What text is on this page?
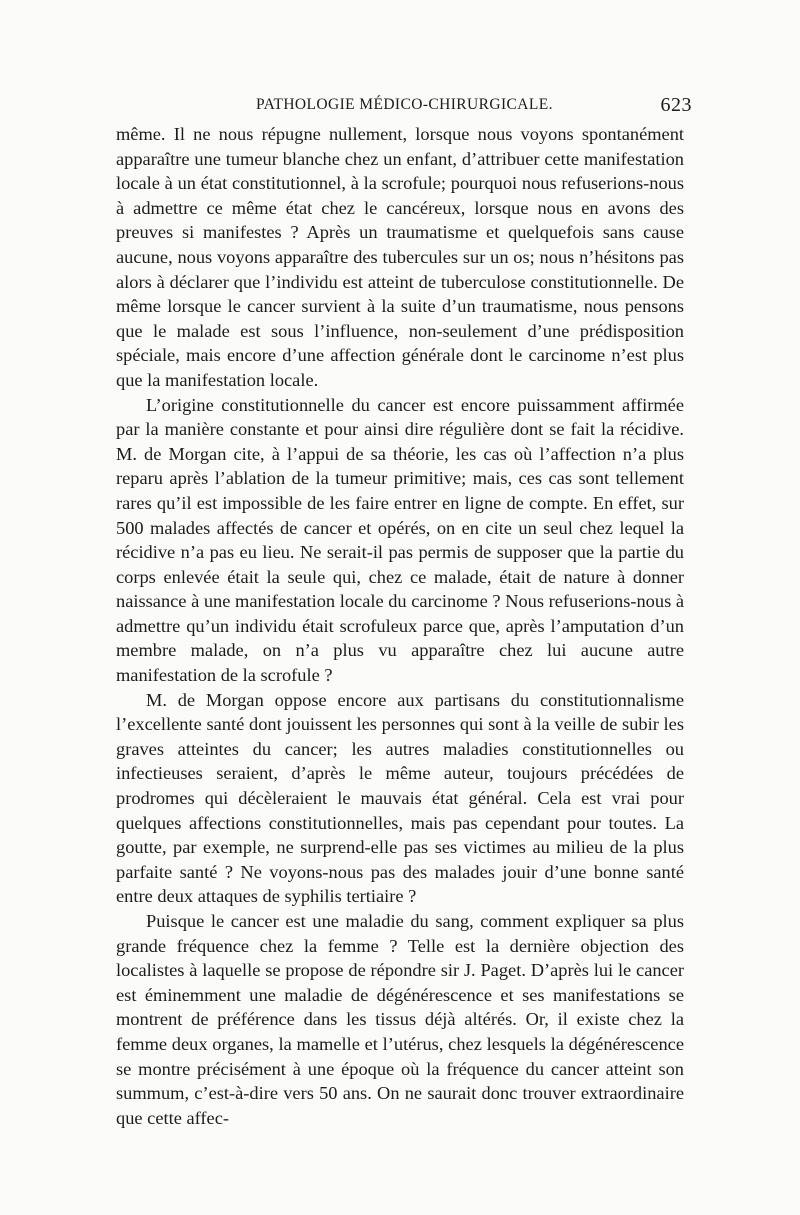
PATHOLOGIE MÉDICO-CHIRURGICALE.	623

même. Il ne nous répugne nullement, lorsque nous voyons spontanément apparaître une tumeur blanche chez un enfant, d’attribuer cette manifestation locale à un état constitutionnel, à la scrofule; pourquoi nous refuserions-nous à admettre ce même état chez le cancéreux, lorsque nous en avons des preuves si manifestes ? Après un traumatisme et quelquefois sans cause aucune, nous voyons apparaître des tubercules sur un os; nous n’hésitons pas alors à déclarer que l’individu est atteint de tuberculose constitutionnelle. De même lorsque le cancer survient à la suite d’un traumatisme, nous pensons que le malade est sous l’influence, non-seulement d’une prédisposition spéciale, mais encore d’une affection générale dont le carcinome n’est plus que la manifestation locale.

L’origine constitutionnelle du cancer est encore puissamment affirmée par la manière constante et pour ainsi dire régulière dont se fait la récidive. M. de Morgan cite, à l’appui de sa théorie, les cas où l’affection n’a plus reparu après l’ablation de la tumeur primitive; mais, ces cas sont tellement rares qu’il est impossible de les faire entrer en ligne de compte. En effet, sur 500 malades affectés de cancer et opérés, on en cite un seul chez lequel la récidive n’a pas eu lieu. Ne serait-il pas permis de supposer que la partie du corps enlevée était la seule qui, chez ce malade, était de nature à donner naissance à une manifestation locale du carcinome ? Nous refuserions-nous à admettre qu’un individu était scrofuleux parce que, après l’amputation d’un membre malade, on n’a plus vu apparaître chez lui aucune autre manifestation de la scrofule ?

M. de Morgan oppose encore aux partisans du constitutionnalisme l’excellente santé dont jouissent les personnes qui sont à la veille de subir les graves atteintes du cancer; les autres maladies constitutionnelles ou infectieuses seraient, d’après le même auteur, toujours précédées de prodromes qui décèleraient le mauvais état général. Cela est vrai pour quelques affections constitutionnelles, mais pas cependant pour toutes. La goutte, par exemple, ne surprend-elle pas ses victimes au milieu de la plus parfaite santé ? Ne voyons-nous pas des malades jouir d’une bonne santé entre deux attaques de syphilis tertiaire ?

Puisque le cancer est une maladie du sang, comment expliquer sa plus grande fréquence chez la femme ? Telle est la dernière objection des localistes à laquelle se propose de répondre sir J. Paget. D’après lui le cancer est éminemment une maladie de dégénérescence et ses manifestations se montrent de préférence dans les tissus déjà altérés. Or, il existe chez la femme deux organes, la mamelle et l’utérus, chez lesquels la dégénérescence se montre précisément à une époque où la fréquence du cancer atteint son summum, c’est-à-dire vers 50 ans. On ne saurait donc trouver extraordinaire que cette affec-
